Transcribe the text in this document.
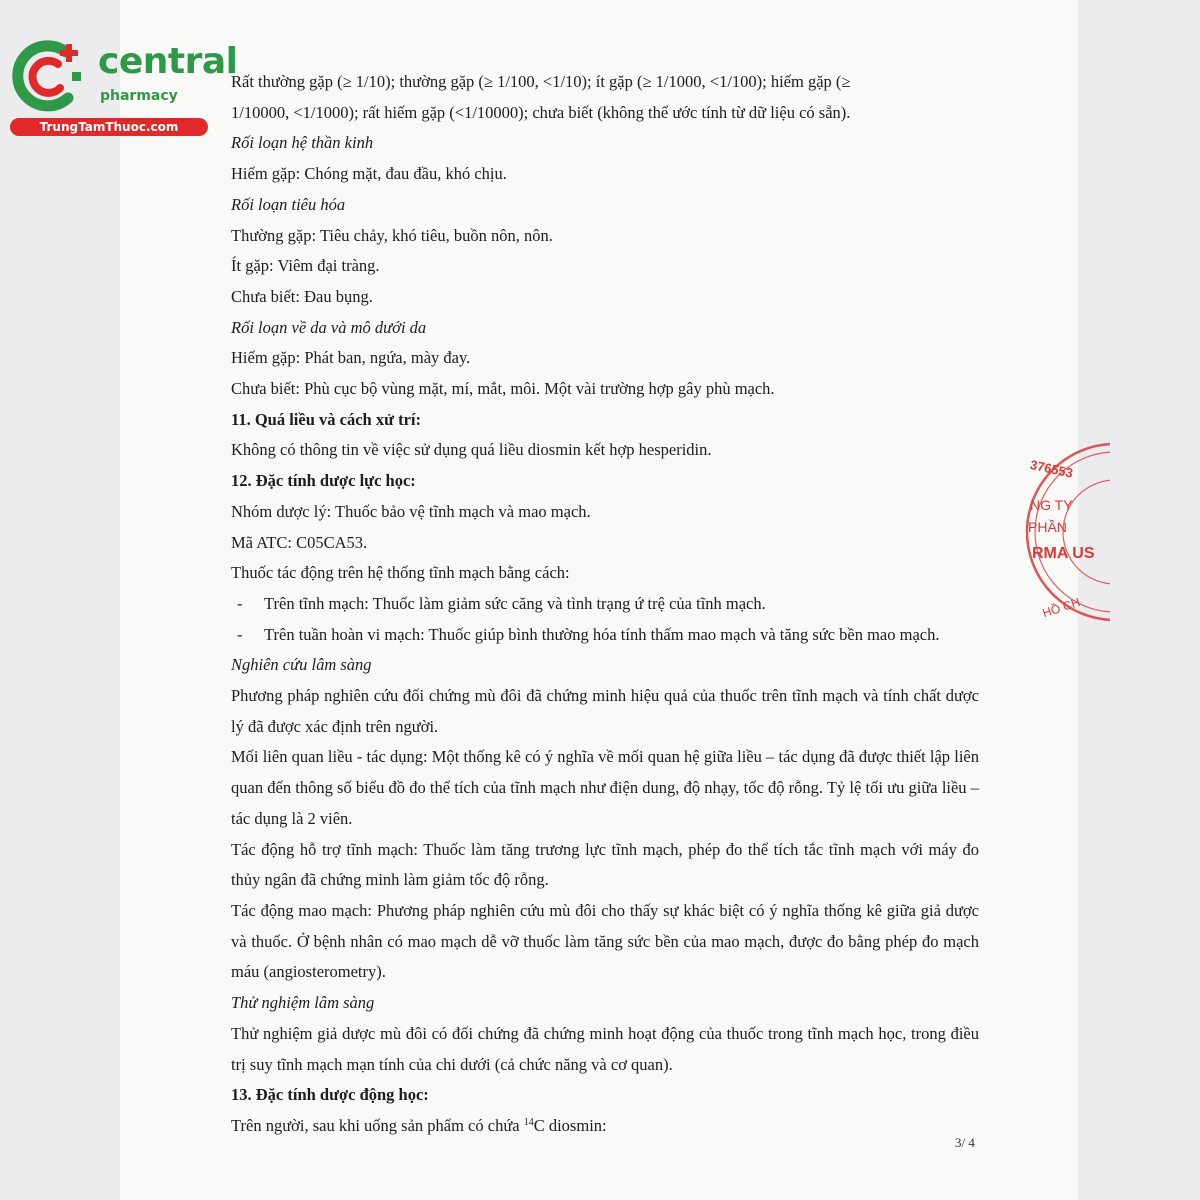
central
pharmacy
TrungTamThuoc.com
376553
NG TY
PHẦN
RMA US
HỒ CH

Rất thường gặp (≥ 1/10); thường gặp (≥ 1/100, <1/10); ít gặp (≥ 1/1000, <1/100); hiếm gặp (≥

1/10000, <1/1000); rất hiếm gặp (<1/10000); chưa biết (không thể ước tính từ dữ liệu có sẵn).

Rối loạn hệ thần kinh

Hiếm gặp: Chóng mặt, đau đầu, khó chịu.

Rối loạn tiêu hóa

Thường gặp: Tiêu chảy, khó tiêu, buồn nôn, nôn.

Ít gặp: Viêm đại tràng.

Chưa biết: Đau bụng.

Rối loạn về da và mô dưới da

Hiếm gặp: Phát ban, ngứa, mày đay.

Chưa biết: Phù cục bộ vùng mặt, mí, mắt, môi. Một vài trường hợp gây phù mạch.

11. Quá liều và cách xử trí:

Không có thông tin về việc sử dụng quá liều diosmin kết hợp hesperidin.

12. Đặc tính dược lực học:

Nhóm dược lý: Thuốc bảo vệ tĩnh mạch và mao mạch.

Mã ATC: C05CA53.

Thuốc tác động trên hệ thống tĩnh mạch bằng cách:

-	Trên tĩnh mạch: Thuốc làm giảm sức căng và tình trạng ứ trệ của tĩnh mạch.
-	Trên tuần hoàn vi mạch: Thuốc giúp bình thường hóa tính thấm mao mạch và tăng sức bền mao mạch.

Nghiên cứu lâm sàng

Phương pháp nghiên cứu đối chứng mù đôi đã chứng minh hiệu quả của thuốc trên tĩnh mạch và tính chất dược lý đã được xác định trên người.

Mối liên quan liều - tác dụng: Một thống kê có ý nghĩa về mối quan hệ giữa liều – tác dụng đã được thiết lập liên quan đến thông số biểu đồ đo thể tích của tĩnh mạch như điện dung, độ nhạy, tốc độ rỗng. Tỷ lệ tối ưu giữa liều – tác dụng là 2 viên.

Tác động hỗ trợ tĩnh mạch: Thuốc làm tăng trương lực tĩnh mạch, phép đo thể tích tắc tĩnh mạch với máy đo thủy ngân đã chứng minh làm giảm tốc độ rỗng.

Tác động mao mạch: Phương pháp nghiên cứu mù đôi cho thấy sự khác biệt có ý nghĩa thống kê giữa giả dược và thuốc. Ở bệnh nhân có mao mạch dễ vỡ thuốc làm tăng sức bền của mao mạch, được đo bằng phép đo mạch máu (angiosterometry).

Thử nghiệm lâm sàng

Thử nghiệm giả dược mù đôi có đối chứng đã chứng minh hoạt động của thuốc trong tĩnh mạch học, trong điều trị suy tĩnh mạch mạn tính của chi dưới (cả chức năng và cơ quan).

13. Đặc tính dược động học:

Trên người, sau khi uống sản phẩm có chứa $^{14}$C diosmin:

3/ 4
